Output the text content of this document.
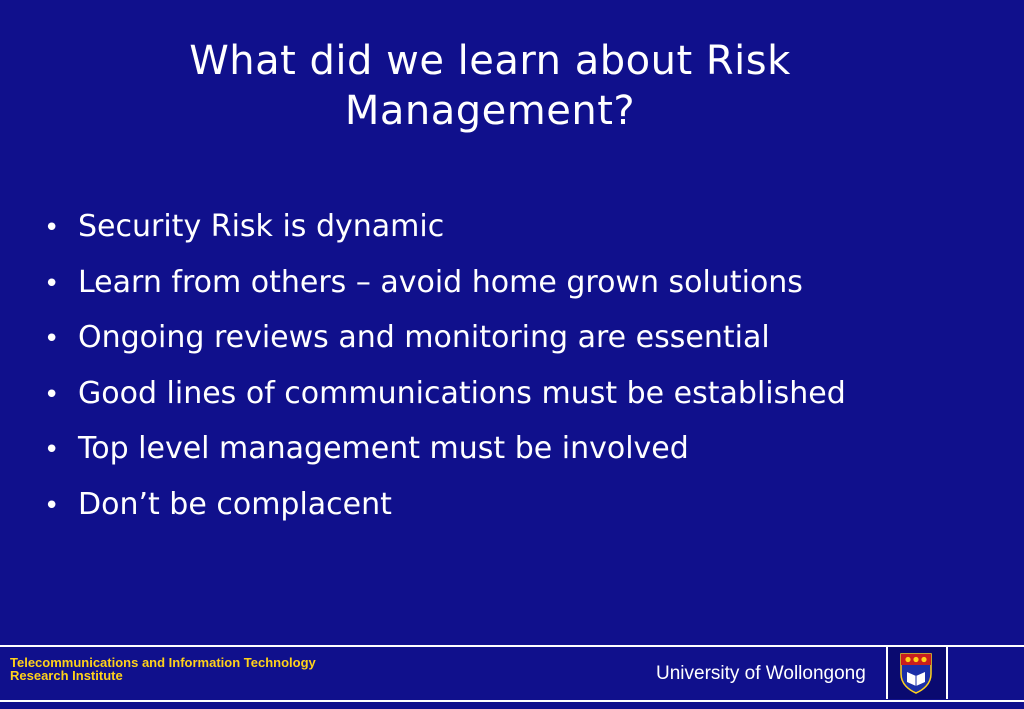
What did we learn about Risk
Management?
• Security Risk is dynamic
• Learn from others – avoid home grown solutions
• Ongoing reviews and monitoring are essential
• Good lines of communications must be established
• Top level management must be involved
• Don’t be complacent
Telecommunications and Information Technology
Research Institute	University of Wollongong
